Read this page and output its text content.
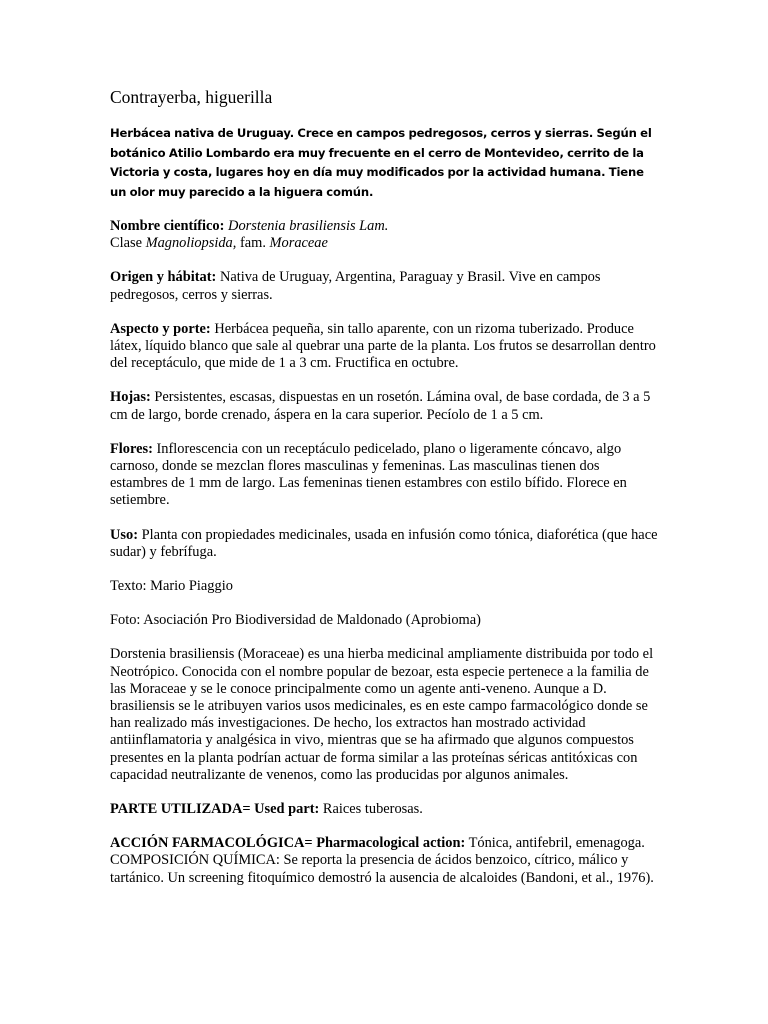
Contrayerba, higuerilla

Herbácea nativa de Uruguay. Crece en campos pedregosos, cerros y sierras. Según el botánico Atilio Lombardo era muy frecuente en el cerro de Montevideo, cerrito de la Victoria y costa, lugares hoy en día muy modificados por la actividad humana. Tiene un olor muy parecido a la higuera común.

Nombre científico: Dorstenia brasiliensis Lam.
Clase Magnoliopsida, fam. Moraceae

Origen y hábitat: Nativa de Uruguay, Argentina, Paraguay y Brasil. Vive en campos pedregosos, cerros y sierras.

Aspecto y porte: Herbácea pequeña, sin tallo aparente, con un rizoma tuberizado. Produce látex, líquido blanco que sale al quebrar una parte de la planta. Los frutos se desarrollan dentro del receptáculo, que mide de 1 a 3 cm. Fructifica en octubre.

Hojas: Persistentes, escasas, dispuestas en un rosetón. Lámina oval, de base cordada, de 3 a 5 cm de largo, borde crenado, áspera en la cara superior. Pecíolo de 1 a 5 cm.

Flores: Inflorescencia con un receptáculo pedicelado, plano o ligeramente cóncavo, algo carnoso, donde se mezclan flores masculinas y femeninas. Las masculinas tienen dos estambres de 1 mm de largo. Las femeninas tienen estambres con estilo bífido. Florece en setiembre.

Uso: Planta con propiedades medicinales, usada en infusión como tónica, diaforética (que hace sudar) y febrífuga.

Texto: Mario Piaggio

Foto: Asociación Pro Biodiversidad de Maldonado (Aprobioma)

Dorstenia brasiliensis (Moraceae) es una hierba medicinal ampliamente distribuida por todo el Neotrópico. Conocida con el nombre popular de bezoar, esta especie pertenece a la familia de las Moraceae y se le conoce principalmente como un agente anti-veneno. Aunque a D. brasiliensis se le atribuyen varios usos medicinales, es en este campo farmacológico donde se han realizado más investigaciones. De hecho, los extractos han mostrado actividad antiinflamatoria y analgésica in vivo, mientras que se ha afirmado que algunos compuestos presentes en la planta podrían actuar de forma similar a las proteínas séricas antitóxicas con capacidad neutralizante de venenos, como las producidas por algunos animales.

PARTE UTILIZADA= Used part: Raices tuberosas.

ACCIÓN FARMACOLÓGICA= Pharmacological action: Tónica, antifebril, emenagoga. COMPOSICIÓN QUÍMICA: Se reporta la presencia de ácidos benzoico, cítrico, málico y tartánico. Un screening fitoquímico demostró la ausencia de alcaloides (Bandoni, et al., 1976).
